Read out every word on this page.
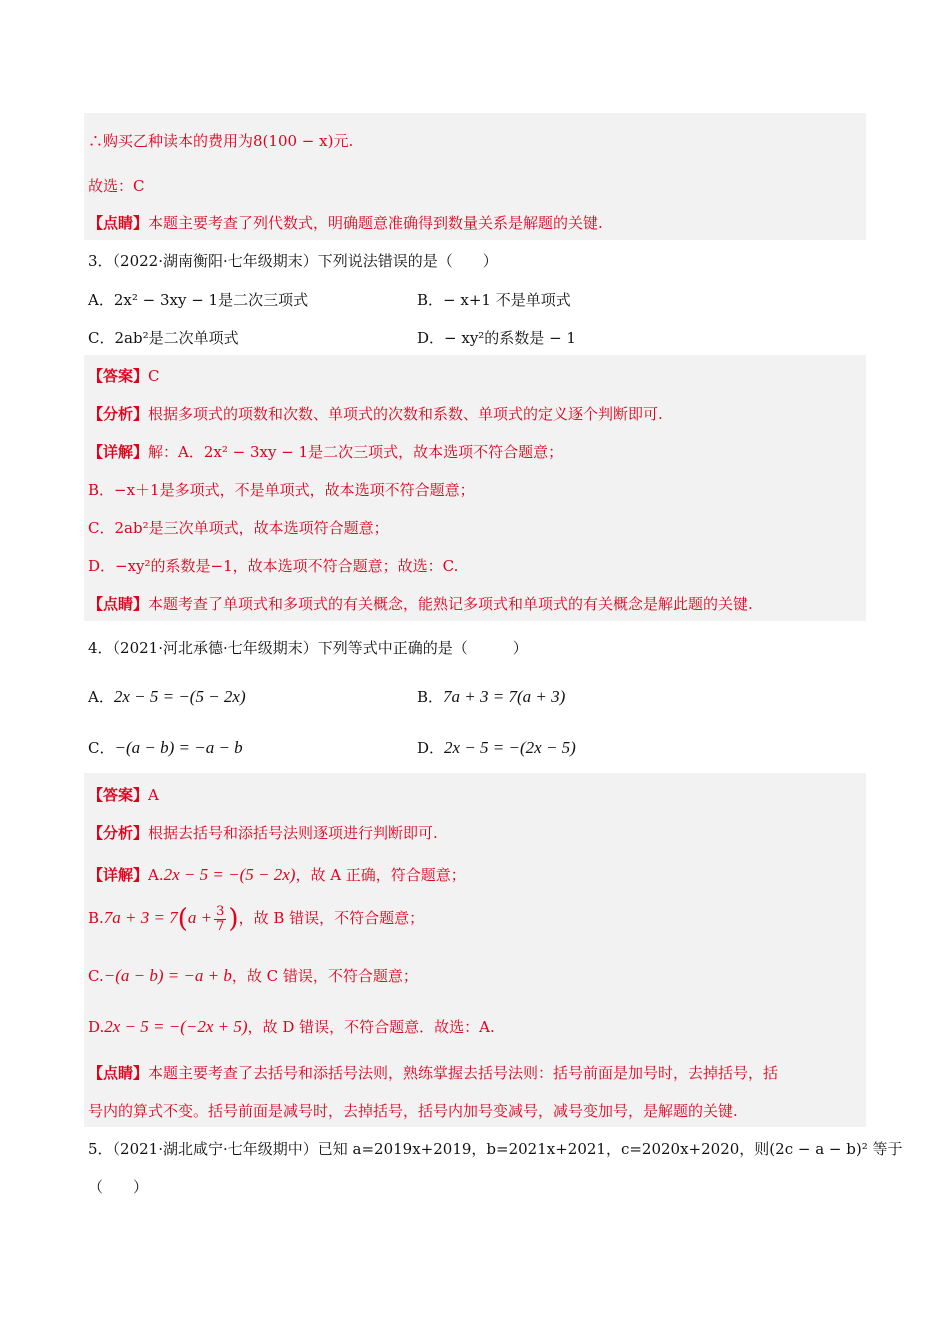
∴购买乙种读本的费用为8(100 − x)元.
故选：C
【点睛】本题主要考查了列代数式，明确题意准确得到数量关系是解题的关键.
3．（2022·湖南衡阳·七年级期末）下列说法错误的是（　　）
A．2x² − 3xy − 1是二次三项式	B．− x+1 不是单项式
C．2ab²是二次单项式	D．− xy²的系数是 − 1
【答案】C
【分析】根据多项式的项数和次数、单项式的次数和系数、单项式的定义逐个判断即可.
【详解】解：A．2x² − 3xy − 1是二次三项式，故本选项不符合题意；
B．−x＋1是多项式，不是单项式，故本选项不符合题意；
C．2ab²是三次单项式，故本选项符合题意；
D．−xy²的系数是−1，故本选项不符合题意；故选：C.
【点睛】本题考查了单项式和多项式的有关概念，能熟记多项式和单项式的有关概念是解此题的关键.
4．（2021·河北承德·七年级期末）下列等式中正确的是（　　　）
A．2x − 5 = −(5 − 2x)	B．7a + 3 = 7(a + 3)
C．−(a − b) = −a − b	D．2x − 5 = −(2x − 5)
【答案】A
【分析】根据去括号和添括号法则逐项进行判断即可.
【详解】A.2x − 5 = −(5 − 2x)，故 A 正确，符合题意；
$B.7a + 3 = 7(a + \frac{3}{7}$ )，故 B 错误，不符合题意；
C.−(a − b) = −a + b，故 C 错误，不符合题意；
D.2x − 5 = −(−2x + 5)，故 D 错误，不符合题意．故选：A.
【点睛】本题主要考查了去括号和添括号法则，熟练掌握去括号法则：括号前面是加号时，去掉括号，括
号内的算式不变。括号前面是减号时，去掉括号，括号内加号变减号，减号变加号，是解题的关键.
5．（2021·湖北咸宁·七年级期中）已知 a=2019x+2019，b=2021x+2021，c=2020x+2020，则(2c − a − b)² 等于
（　　）
